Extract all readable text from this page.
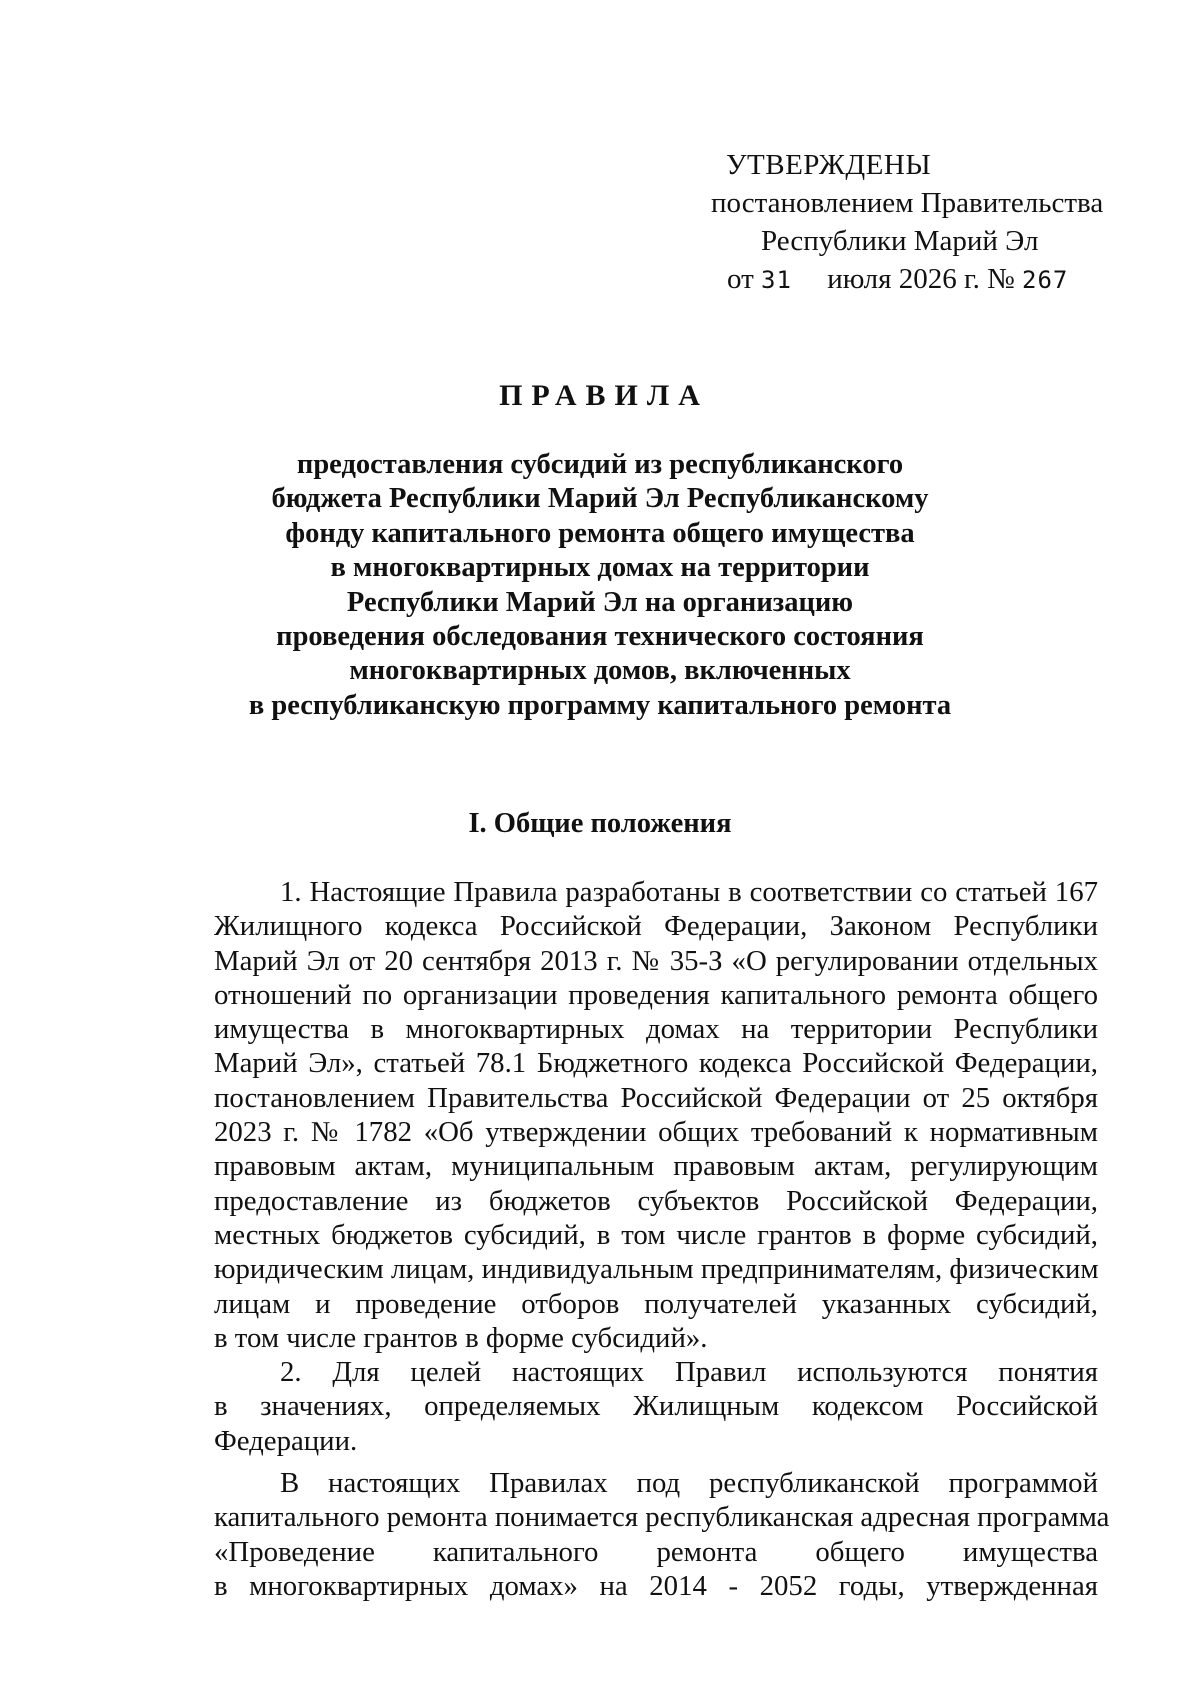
УТВЕРЖДЕНЫ
постановлением Правительства
Республики Марий Эл
от 31 июля 2026 г. № 267
ПРАВИЛА
предоставления субсидий из республиканского
бюджета Республики Марий Эл Республиканскому
фонду капитального ремонта общего имущества
в многоквартирных домах на территории
Республики Марий Эл на организацию
проведения обследования технического состояния
многоквартирных домов, включенных
в республиканскую программу капитального ремонта
I. Общие положения
1. Настоящие Правила разработаны в соответствии со статьей 167
Жилищного кодекса Российской Федерации, Законом Республики
Марий Эл от 20 сентября 2013 г. № 35-З «О регулировании отдельных
отношений по организации проведения капитального ремонта общего
имущества в многоквартирных домах на территории Республики
Марий Эл», статьей 78.1 Бюджетного кодекса Российской Федерации,
постановлением Правительства Российской Федерации от 25 октября
2023 г. № 1782 «Об утверждении общих требований к нормативным
правовым актам, муниципальным правовым актам, регулирующим
предоставление из бюджетов субъектов Российской Федерации,
местных бюджетов субсидий, в том числе грантов в форме субсидий,
юридическим лицам, индивидуальным предпринимателям, физическим
лицам и проведение отборов получателей указанных субсидий,
в том числе грантов в форме субсидий».
2. Для целей настоящих Правил используются понятия
в значениях, определяемых Жилищным кодексом Российской
Федерации.
В настоящих Правилах под республиканской программой
капитального ремонта понимается республиканская адресная программа
«Проведение капитального ремонта общего имущества
в многоквартирных домах» на 2014 - 2052 годы, утвержденная
